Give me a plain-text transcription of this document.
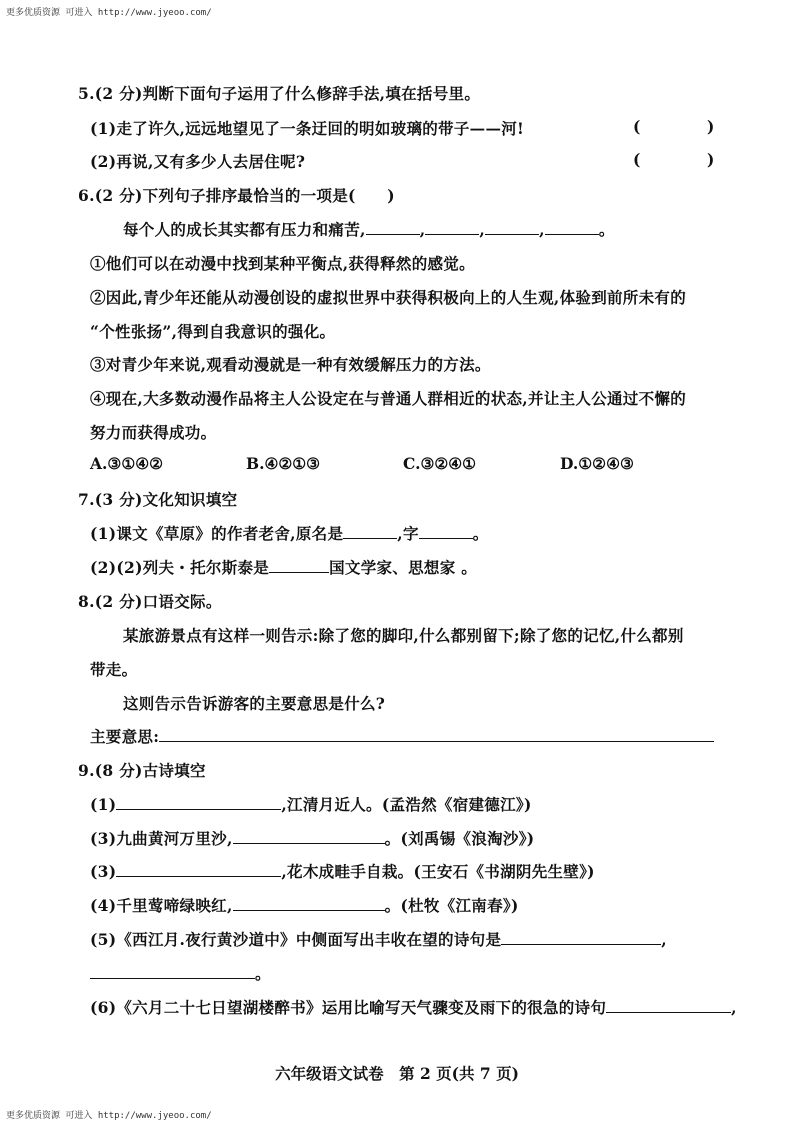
更多优质资源 可进入 http://www.jyeoo.com/
5.(2 分)判断下面句子运用了什么修辞手法,填在括号里。
(1)走了许久,远远地望见了一条迂回的明如玻璃的带子——河!	(	)
(2)再说,又有多少人去居住呢?	(	)
6.(2 分)下列句子排序最恰当的一项是(　　)
每个人的成长其实都有压力和痛苦,	,	,	,	。
①他们可以在动漫中找到某种平衡点,获得释然的感觉。
②因此,青少年还能从动漫创设的虚拟世界中获得积极向上的人生观,体验到前所未有的
“个性张扬”,得到自我意识的强化。
③对青少年来说,观看动漫就是一种有效缓解压力的方法。
④现在,大多数动漫作品将主人公设定在与普通人群相近的状态,并让主人公通过不懈的
努力而获得成功。
A.③①④②	B.④②①③	C.③②④①	D.①②④③
7.(3 分)文化知识填空
(1)课文《草原》的作者老舍,原名是	,字	。
(2)(2)列夫・托尔斯泰是	国文学家、思想家 。
8.(2 分)口语交际。
某旅游景点有这样一则告示:除了您的脚印,什么都别留下;除了您的记忆,什么都别
带走。
这则告示告诉游客的主要意思是什么?
主要意思:
9.(8 分)古诗填空
(1)	,江清月近人。(孟浩然《宿建德江》)
(3)九曲黄河万里沙,	。(刘禹锡《浪淘沙》)
(3)	,花木成畦手自栽。(王安石《书湖阴先生壁》)
(4)千里莺啼绿映红,	。(杜牧《江南春》)
(5)《西江月.夜行黄沙道中》中侧面写出丰收在望的诗句是	,
。
(6)《六月二十七日望湖楼醉书》运用比喻写天气骤变及雨下的很急的诗句	,
六年级语文试卷　第 2 页(共 7 页)
更多优质资源 可进入 http://www.jyeoo.com/
